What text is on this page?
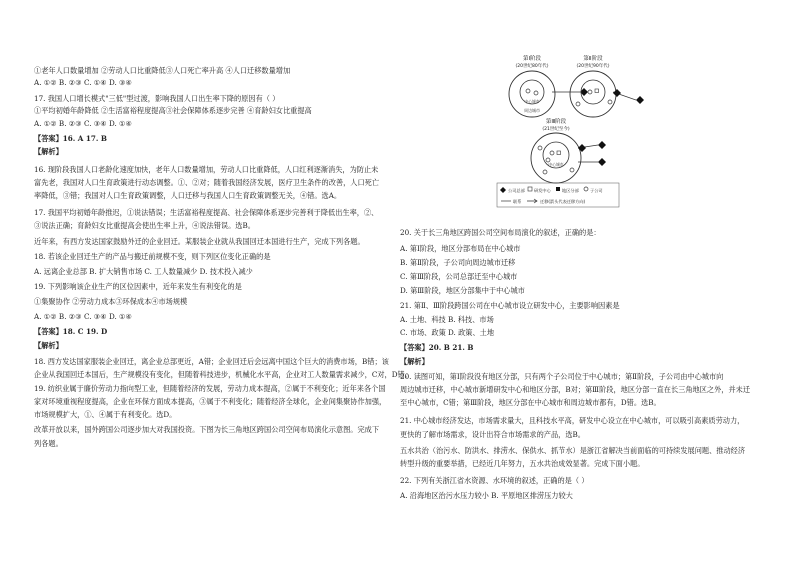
①老年人口数量增加 ②劳动人口比重降低③人口死亡率升高 ④人口迁移数量增加
A. ①② B. ②③ C. ①④ D. ③④
17. 我国人口增长模式"三低"型过渡，影响我国人口出生率下降的原因有（ ）
①平均初婚年龄降低 ②生活富裕程度提高③社会保障体系逐步完善 ④育龄妇女比重提高
A. ①② B. ②③ C. ③④ D. ①④
【答案】16. A 17. B
【解析】
16. 现阶段我国人口老龄化速度加快，老年人口数量增加，劳动人口比重降低，人口红利逐渐消失，为防止未
富先老，我国对人口生育政策进行动态调整。①、②对；随着我国经济发展，医疗卫生条件的改善，人口死亡
率降低，③错；我国对人口生育政策调整，人口迁移与我国人口生育政策调整无关，④错。选A。
17. 我国平均初婚年龄推迟，①说法错误；生活富裕程度提高、社会保障体系逐步完善利于降低出生率，②、
③说法正确；育龄妇女比重提高会使出生率上升，④说法错误。选B。
近年来，有西方发达国家鼓励外迁的企业回迁。某服装企业就从我国回迁本国进行生产，完成下列各题。
18. 若该企业回迁生产的产品与搬迁前规模不变，则下列区位变化正确的是
A. 远离企业总部 B. 扩大销售市场 C. 工人数量减少 D. 技术投入减少
19. 下列影响该企业生产的区位因素中，近年来发生有利变化的是
①集聚协作 ②劳动力成本③环保成本④市场规模
A. ①② B. ②③ C. ③④ D. ①④
【答案】18. C 19. D
【解析】
18. 西方发达国家服装企业回迁，离企业总部更近，A错；企业回迁后会远离中国这个巨大的消费市场，B错；该
企业从我国回迁本国后，生产规模没有变化，但随着科技进步，机械化水平高，企业对工人数量需求减少，C对，D错。
19. 纺织业属于廉价劳动力指向型工业，但随着经济的发展，劳动力成本提高，②属于不利变化；近年来各个国
家对环境重视程度提高，企业在环保方面成本提高，③属于不利变化；随着经济全球化，企业间集聚协作加强，
市场规模扩大，①、④属于有利变化。选D。
改革开放以来，国外跨国公司逐步加大对我国投资。下图为长三角地区跨国公司空间布局演化示意图。完成下
列各题。
20. 关于长三角地区跨国公司空间布局演化的叙述，正确的是：
A. 第Ⅰ阶段，地区分部布局在中心城市
B. 第Ⅱ阶段，子公司向周边城市迁移
C. 第Ⅲ阶段，公司总部迁至中心城市
D. 第Ⅲ阶段，地区分部集中于中心城市
21. 第Ⅱ、Ⅲ阶段跨国公司在中心城市设立研发中心，主要影响因素是
A. 土地、科技 B. 科技、市场
C. 市场、政策 D. 政策、土地
【答案】20. B 21. B
【解析】
20. 读图可知，第Ⅰ阶段没有地区分部，只有两个子公司位于中心城市；第Ⅱ阶段，子公司由中心城市向
周边城市迁移，中心城市新增研发中心和地区分部，B对；第Ⅲ阶段，地区分部一直在长三角地区之外，并未迁
至中心城市，C错；第Ⅲ阶段，地区分部在中心城市和周边城市都有，D错。选B。
21. 中心城市经济发达，市场需求量大，且科技水平高，研发中心设立在中心城市，可以吸引高素质劳动力，
更快的了解市场需求，设计出符合市场需求的产品，选B。
五水共治（治污水、防洪水、排涝水、保供水、抓节水）是浙江省解决当前面临的可持续发展问题、推动经济
转型升级的重要举措，已经近几年努力，五水共治成效显著。完成下面小题。
22. 下列有关浙江省水资源、水环境的叙述，正确的是（ ）
A. 沿海地区治污水压力较小 B. 平原地区排涝压力较大
第Ⅰ阶段
(20世纪80年代)
中心城市
周边城市
第Ⅱ阶段
(20世纪90年代)
第Ⅲ阶段
(21世纪至今)
中心城市
公司总部 研发中心	地区分部	子公司
联系	迁移(箭头代表迁移方向)
